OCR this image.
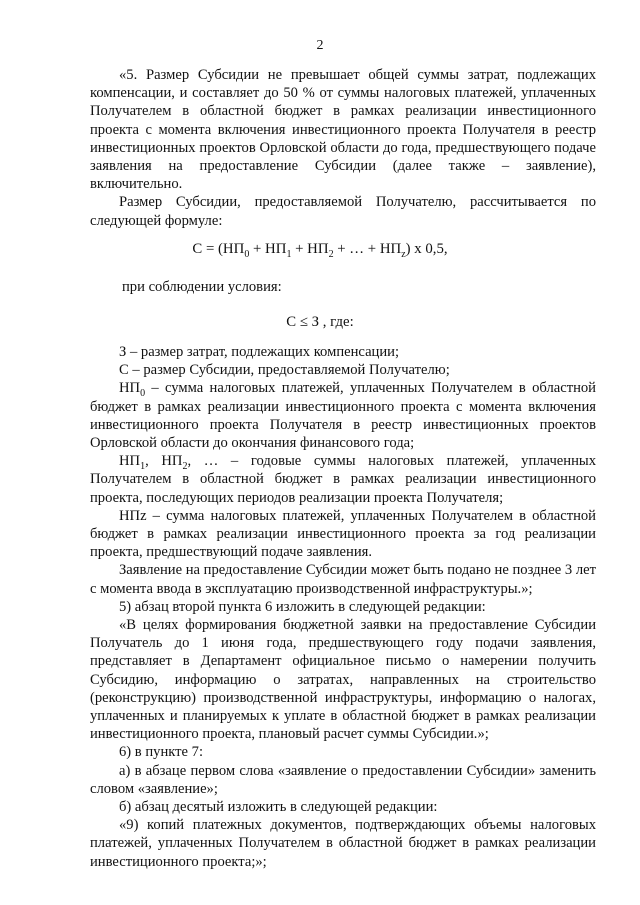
2

«5. Размер Субсидии не превышает общей суммы затрат, подлежащих компенсации, и составляет до 50 % от суммы налоговых платежей, уплаченных Получателем в областной бюджет в рамках реализации инвестиционного проекта с момента включения инвестиционного проекта Получателя в реестр инвестиционных проектов Орловской области до года, предшествующего подаче заявления на предоставление Субсидии (далее также – заявление), включительно.

Размер Субсидии, предоставляемой Получателю, рассчитывается по следующей формуле:

$С = (НП_0 + НП_1 + НП_2$ + … + $НП_z$) х 0,5,
при соблюдении условия:
С ≤ З , где:

З – размер затрат, подлежащих компенсации;

С – размер Субсидии, предоставляемой Получателю;

$НП_0$ – сумма налоговых платежей, уплаченных Получателем в областной бюджет в рамках реализации инвестиционного проекта с момента включения инвестиционного проекта Получателя в реестр инвестиционных проектов Орловской области до окончания финансового года;

$НП_1$, $НП_2$, … – годовые суммы налоговых платежей, уплаченных Получателем в областной бюджет в рамках реализации инвестиционного проекта, последующих периодов реализации проекта Получателя;

НПz – сумма налоговых платежей, уплаченных Получателем в областной бюджет в рамках реализации инвестиционного проекта за год реализации проекта, предшествующий подаче заявления.

Заявление на предоставление Субсидии может быть подано не позднее 3 лет с момента ввода в эксплуатацию производственной инфраструктуры.»;

5) абзац второй пункта 6 изложить в следующей редакции:

«В целях формирования бюджетной заявки на предоставление Субсидии Получатель до 1 июня года, предшествующего году подачи заявления, представляет в Департамент официальное письмо о намерении получить Субсидию, информацию о затратах, направленных на строительство (реконструкцию) производственной инфраструктуры, информацию о налогах, уплаченных и планируемых к уплате в областной бюджет в рамках реализации инвестиционного проекта, плановый расчет суммы Субсидии.»;

6) в пункте 7:

а) в абзаце первом слова «заявление о предоставлении Субсидии» заменить словом «заявление»;

б) абзац десятый изложить в следующей редакции:

«9) копий платежных документов, подтверждающих объемы налоговых платежей, уплаченных Получателем в областной бюджет в рамках реализации инвестиционного проекта;»;
